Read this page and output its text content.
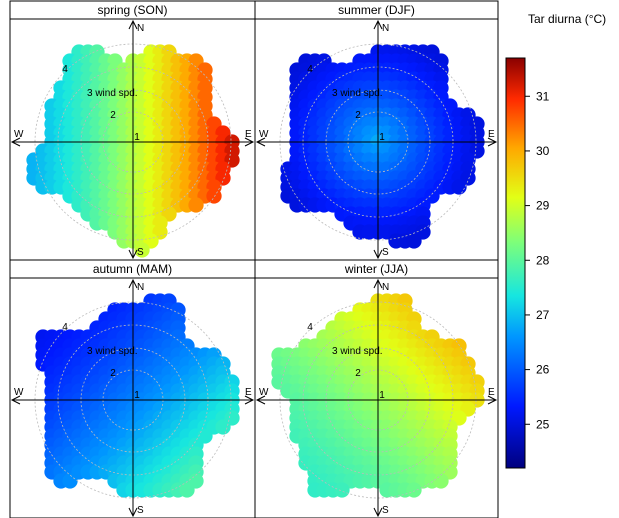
spring (SON)
1
2
3 wind spd.
4
N
S
W	E
summer (DJF)
1
2
3 wind spd.
4
N
S
W	E
autumn (MAM)
1
2
3 wind spd.
4
N
S
W	E
winter (JJA)
1
2
3 wind spd.
4
N
S
W	E
Tar diurna (°C)
25
26
27
28
29
30
31
